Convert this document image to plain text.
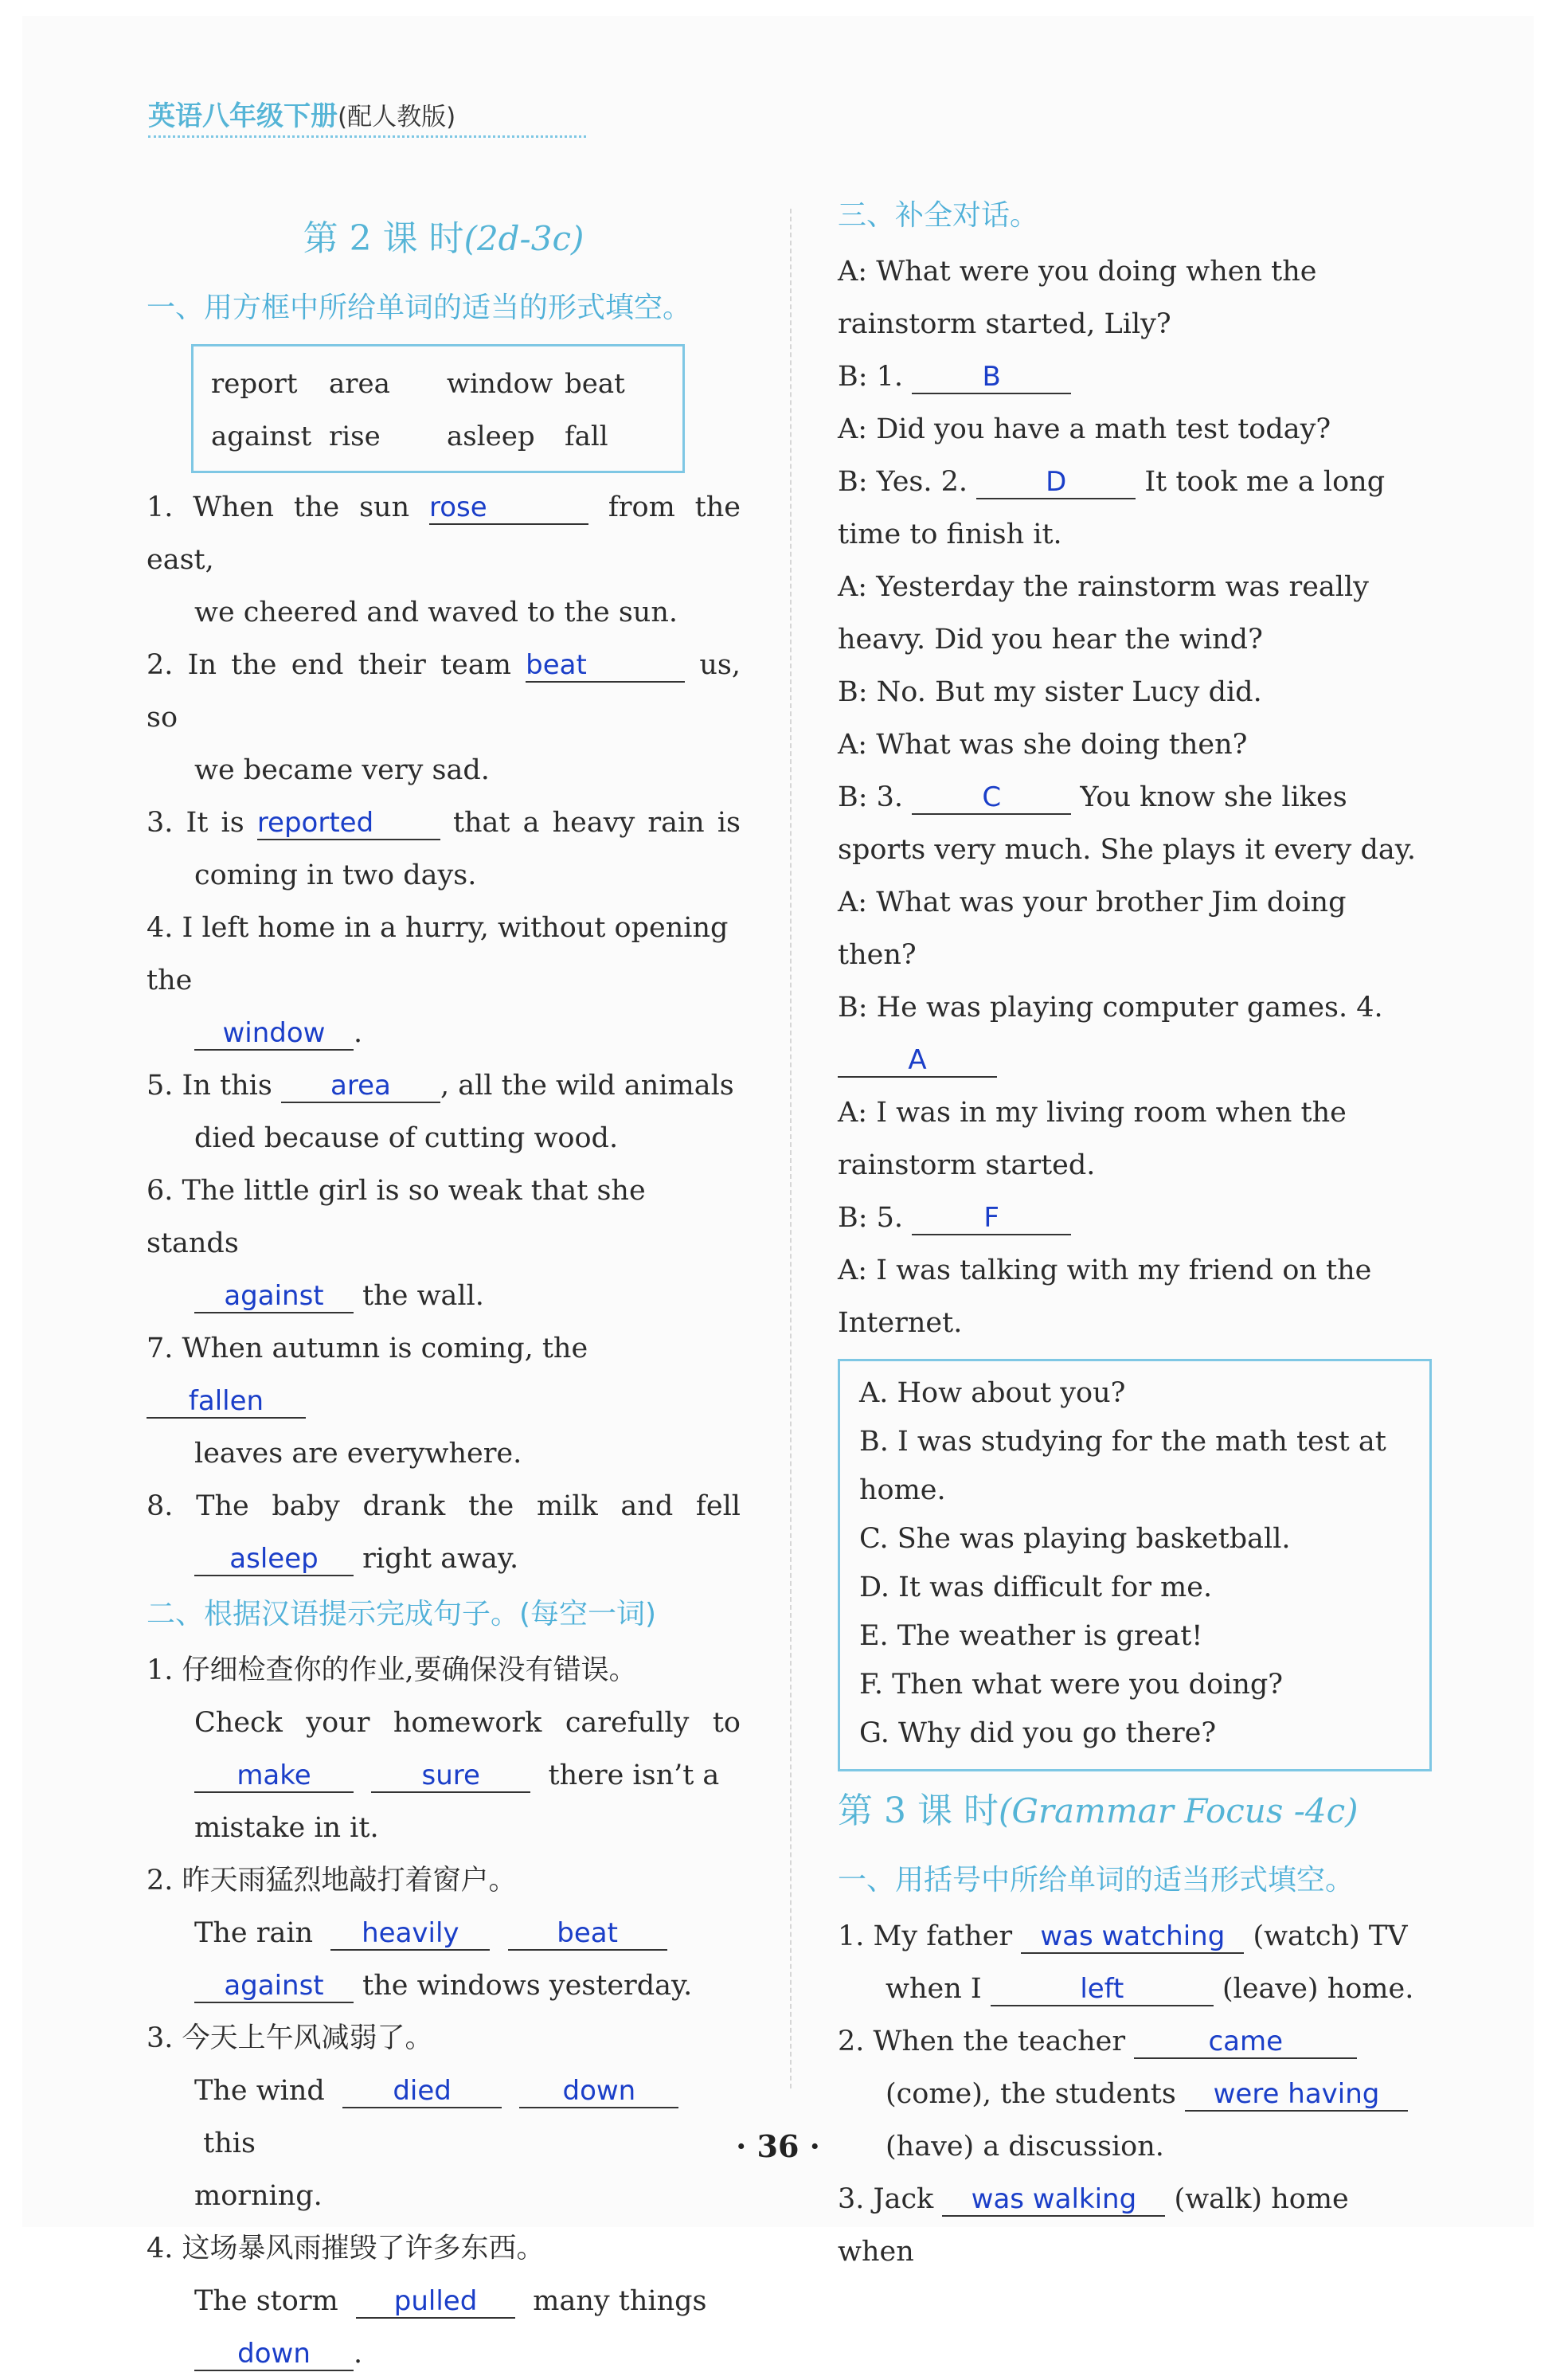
英语八年级下册(配人教版)
第 2 课 时(2d-3c)

一、用方框中所给单词的适当的形式填空。

report	area	window	beat
against	rise	asleep	fall

1. When the sun rose	from the east,

we cheered and waved to the sun.

2. In the end their team beat	us, so

we became very sad.

3. It is reported	that a heavy rain is

coming in two days.

4. I left home in a hurry, without opening the

window .

5. In this area , all the wild animals

died because of cutting wood.

6. The little girl is so weak that she stands

against the wall.

7. When autumn is coming, the fallen

leaves are everywhere.

8. The baby drank the milk and fell

asleep right away.

二、根据汉语提示完成句子。(每空一词)

1. 仔细检查你的作业,要确保没有错误。

Check your homework carefully to

make	sure there isn’t a

mistake in it.

2. 昨天雨猛烈地敲打着窗户。

The rain heavily	beat

against the windows yesterday.

3. 今天上午风减弱了。

The wind	died	down  this

morning.

4. 这场暴风雨摧毁了许多东西。

The storm pulled many things

down .

三、补全对话。

A: What were you doing when the rainstorm started, Lily?

B: 1.	B

A: Did you have a math test today?

B: Yes. 2.	D	It took me a long time to finish it.

A: Yesterday the rainstorm was really heavy. Did you hear the wind?

B: No. But my sister Lucy did.

A: What was she doing then?

B: 3.	C	You know she likes sports very much. She plays it every day.

A: What was your brother Jim doing then?

B: He was playing computer games. 4. A

A: I was in my living room when the rainstorm started.

B: 5.	F

A: I was talking with my friend on the Internet.

A. How about you?

B. I was studying for the math test at home.

C. She was playing basketball.

D. It was difficult for me.

E. The weather is great!

F. Then what were you doing?

G. Why did you go there?

第 3 课 时(Grammar Focus -4c)

一、用括号中所给单词的适当形式填空。

1. My father was watching (watch) TV

when I	left	(leave) home.

2. When the teacher	came

(come), the students were having

(have) a discussion.

3. Jack was walking (walk) home when

· 36 ·
